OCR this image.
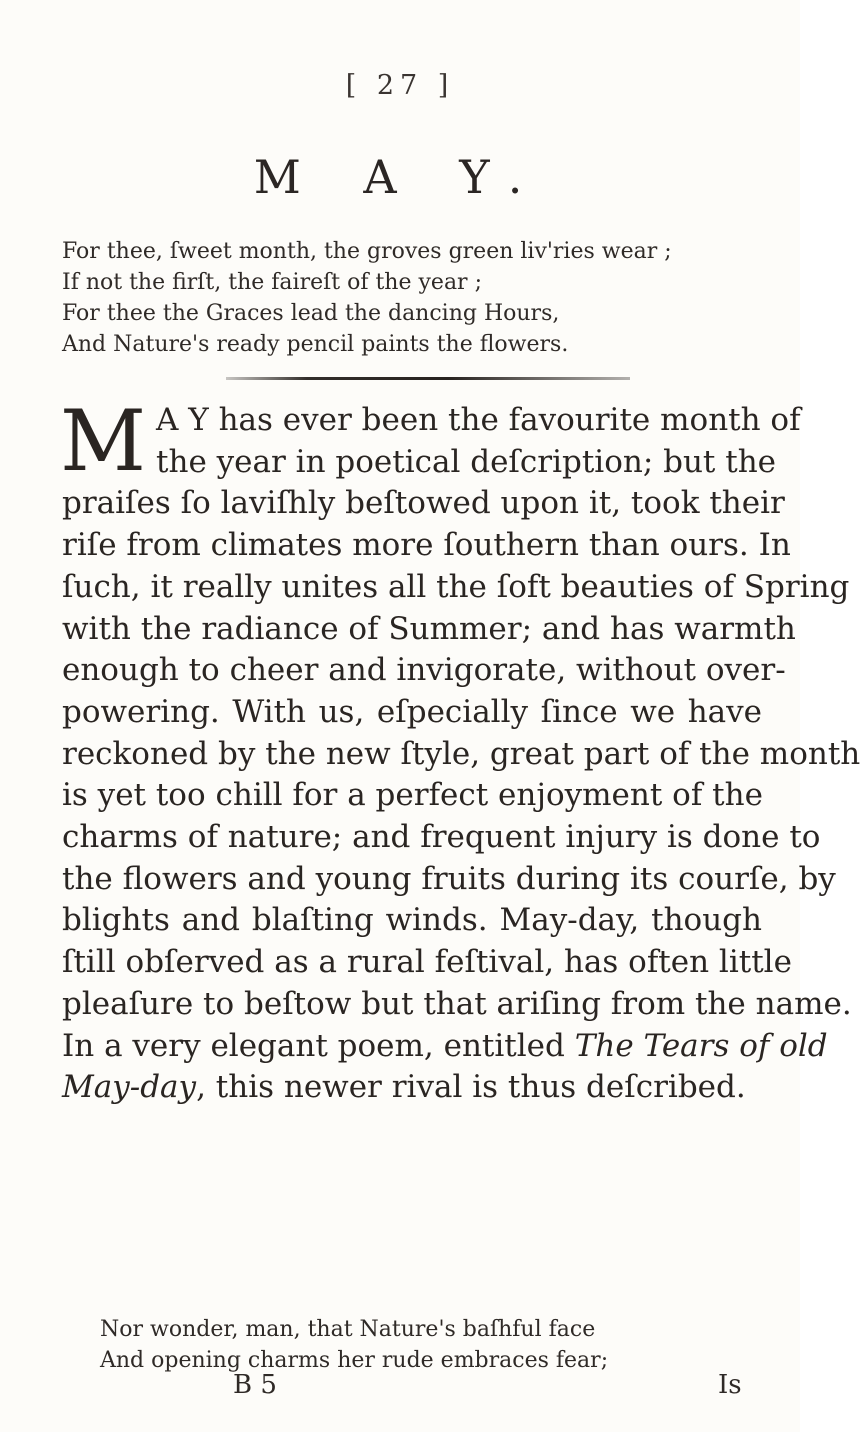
[ 27 ]
M A Y.
For thee, ſweet month, the groves green liv'ries wear ;
If not the firſt, the faireſt of the year ;
For thee the Graces lead the dancing Hours,
And Nature's ready pencil paints the flowers.
M A Y has ever been the favourite month of
the year in poetical deſcription; but the
praiſes ſo laviſhly beſtowed upon it, took their
riſe from climates more ſouthern than ours. In
ſuch, it really unites all the ſoft beauties of Spring
with the radiance of Summer; and has warmth
enough to cheer and invigorate, without over-
powering. With us, eſpecially ſince we have
reckoned by the new ſtyle, great part of the month
is yet too chill for a perfect enjoyment of the
charms of nature; and frequent injury is done to
the flowers and young fruits during its courſe, by
blights and blaſting winds. May-day, though
ſtill obſerved as a rural feſtival, has often little
pleaſure to beſtow but that ariſing from the name.
In a very elegant poem, entitled The Tears of old
May-day, this newer rival is thus deſcribed.
Nor wonder, man, that Nature's baſhful face
And opening charms her rude embraces fear;
B 5	Is
